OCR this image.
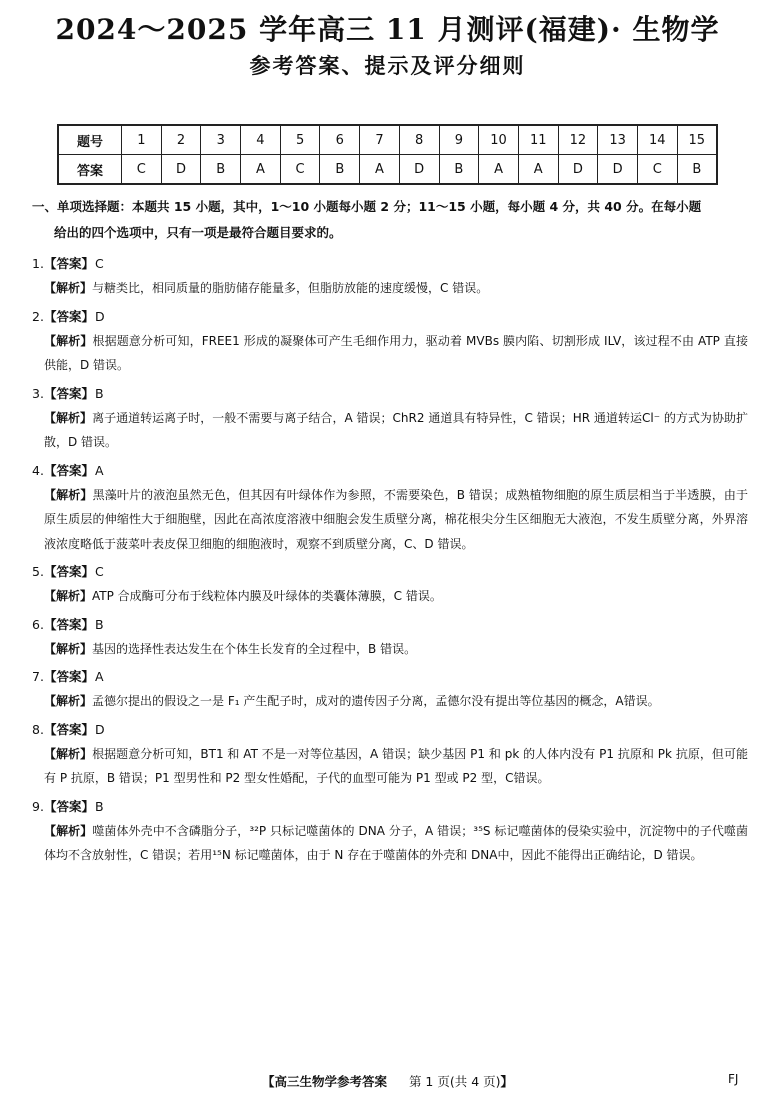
2024～2025 学年高三 11 月测评(福建)· 生物学
参考答案、提示及评分细则
题号	1	2	3	4	5	6	7	8	9	10	11	12	13	14	15
答案	C	D	B	A	C	B	A	D	B	A	A	D	D	C	B
一、单项选择题：本题共 15 小题，其中，1～10 小题每小题 2 分；11～15 小题，每小题 4 分，共 40 分。在每小题
给出的四个选项中，只有一项是最符合题目要求的。
1.【答案】C
【解析】与糖类比，相同质量的脂肪储存能量多，但脂肪放能的速度缓慢，C 错误。
2.【答案】D
【解析】根据题意分析可知，FREE1 形成的凝聚体可产生毛细作用力，驱动着 MVBs 膜内陷、切割形成 ILV，该过程不由 ATP 直接供能，D 错误。
3.【答案】B
【解析】离子通道转运离子时，一般不需要与离子结合，A 错误；ChR2 通道具有特异性，C 错误；HR 通道转运Cl⁻ 的方式为协助扩散，D 错误。
4.【答案】A
【解析】黑藻叶片的液泡虽然无色，但其因有叶绿体作为参照，不需要染色，B 错误；成熟植物细胞的原生质层相当于半透膜，由于原生质层的伸缩性大于细胞壁，因此在高浓度溶液中细胞会发生质壁分离，棉花根尖分生区细胞无大液泡，不发生质壁分离，外界溶液浓度略低于菠菜叶表皮保卫细胞的细胞液时，观察不到质壁分离，C、D 错误。
5.【答案】C
【解析】ATP 合成酶可分布于线粒体内膜及叶绿体的类囊体薄膜，C 错误。
6.【答案】B
【解析】基因的选择性表达发生在个体生长发育的全过程中，B 错误。
7.【答案】A
【解析】孟德尔提出的假设之一是 F₁ 产生配子时，成对的遗传因子分离，孟德尔没有提出等位基因的概念，A错误。
8.【答案】D
【解析】根据题意分析可知，BT1 和 AT 不是一对等位基因，A 错误；缺少基因 P1 和 pk 的人体内没有 P1 抗原和 Pk 抗原，但可能有 P 抗原，B 错误；P1 型男性和 P2 型女性婚配，子代的血型可能为 P1 型或 P2 型，C错误。
9.【答案】B
【解析】噬菌体外壳中不含磷脂分子，³²P 只标记噬菌体的 DNA 分子，A 错误；³⁵S 标记噬菌体的侵染实验中，沉淀物中的子代噬菌体均不含放射性，C 错误；若用¹⁵N 标记噬菌体，由于 N 存在于噬菌体的外壳和 DNA中，因此不能得出正确结论，D 错误。
【高三生物学参考答案 第 1 页(共 4 页)】	FJ
